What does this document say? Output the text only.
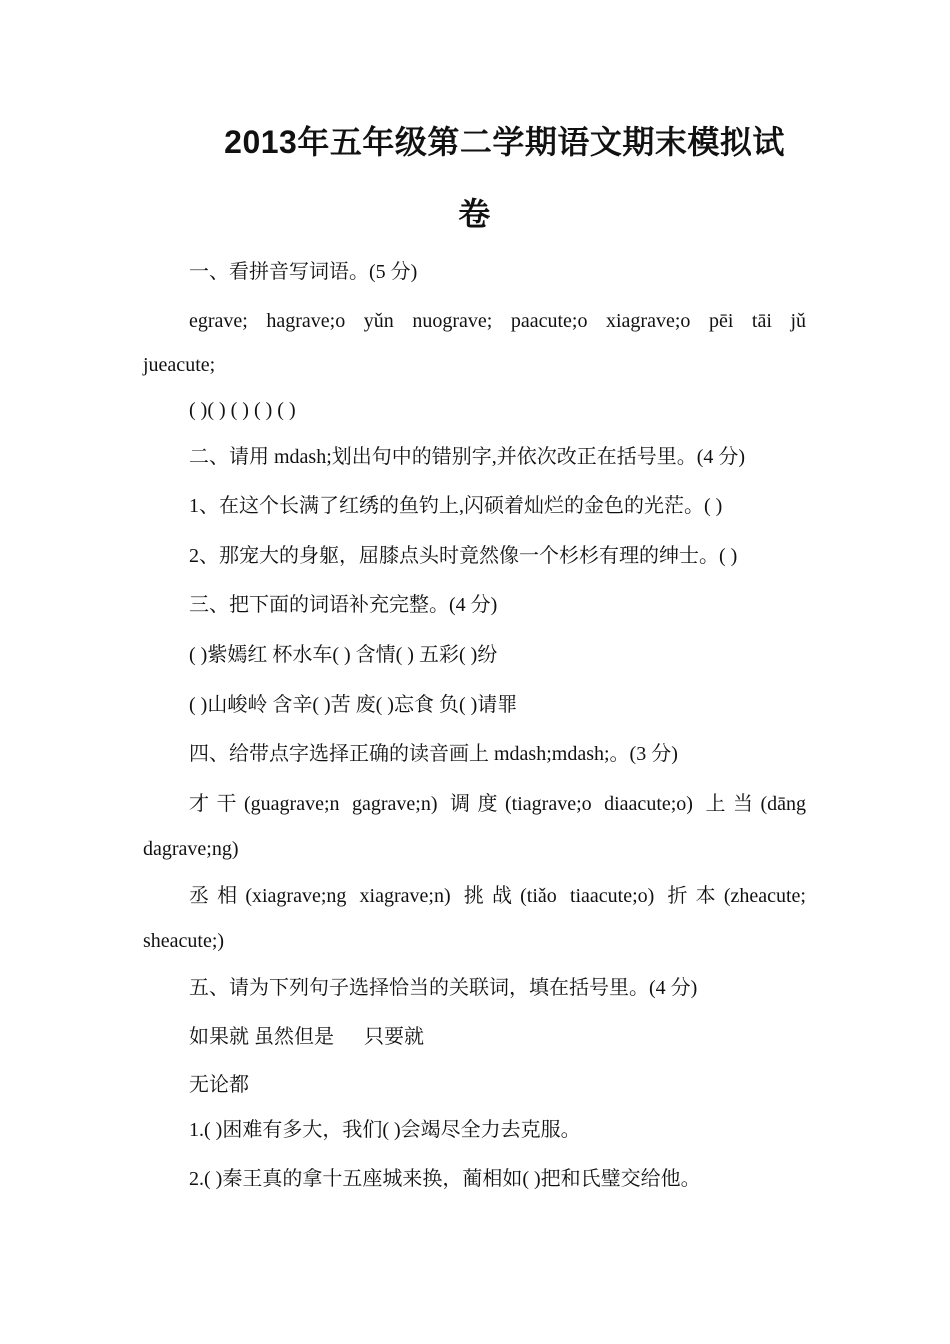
2013年五年级第二学期语文期末模拟试
卷
一、看拼音写词语。(5 分)
egrave; hagrave;o yǔn nuograve; paacute;o xiagrave;o pēi tāi jǔ
jueacute;
( )( ) ( ) ( ) ( )
二、请用 mdash;划出句中的错别字,并依次改正在括号里。(4 分)
1、在这个长满了红绣的鱼钓上,闪硕着灿烂的金色的光茫。( )
2、那宠大的身躯，屈膝点头时竟然像一个杉杉有理的绅士。( )
三、把下面的词语补充完整。(4 分)
( )紫嫣红 杯水车( ) 含情( ) 五彩( )纷
( )山峻岭 含辛( )苦 废( )忘食 负( )请罪
四、给带点字选择正确的读音画上 mdash;mdash;。(3 分)
才干(guagrave;n gagrave;n) 调度(tiagrave;o diaacute;o) 上当(dāng
dagrave;ng)
丞相(xiagrave;ng xiagrave;n) 挑战(tiǎo tiaacute;o) 折本(zheacute;
sheacute;)
五、请为下列句子选择恰当的关联词，填在括号里。(4 分)
如果就 虽然但是 　 只要就
无论都
1.( )困难有多大，我们( )会竭尽全力去克服。
2.( )秦王真的拿十五座城来换，蔺相如( )把和氏璧交给他。
